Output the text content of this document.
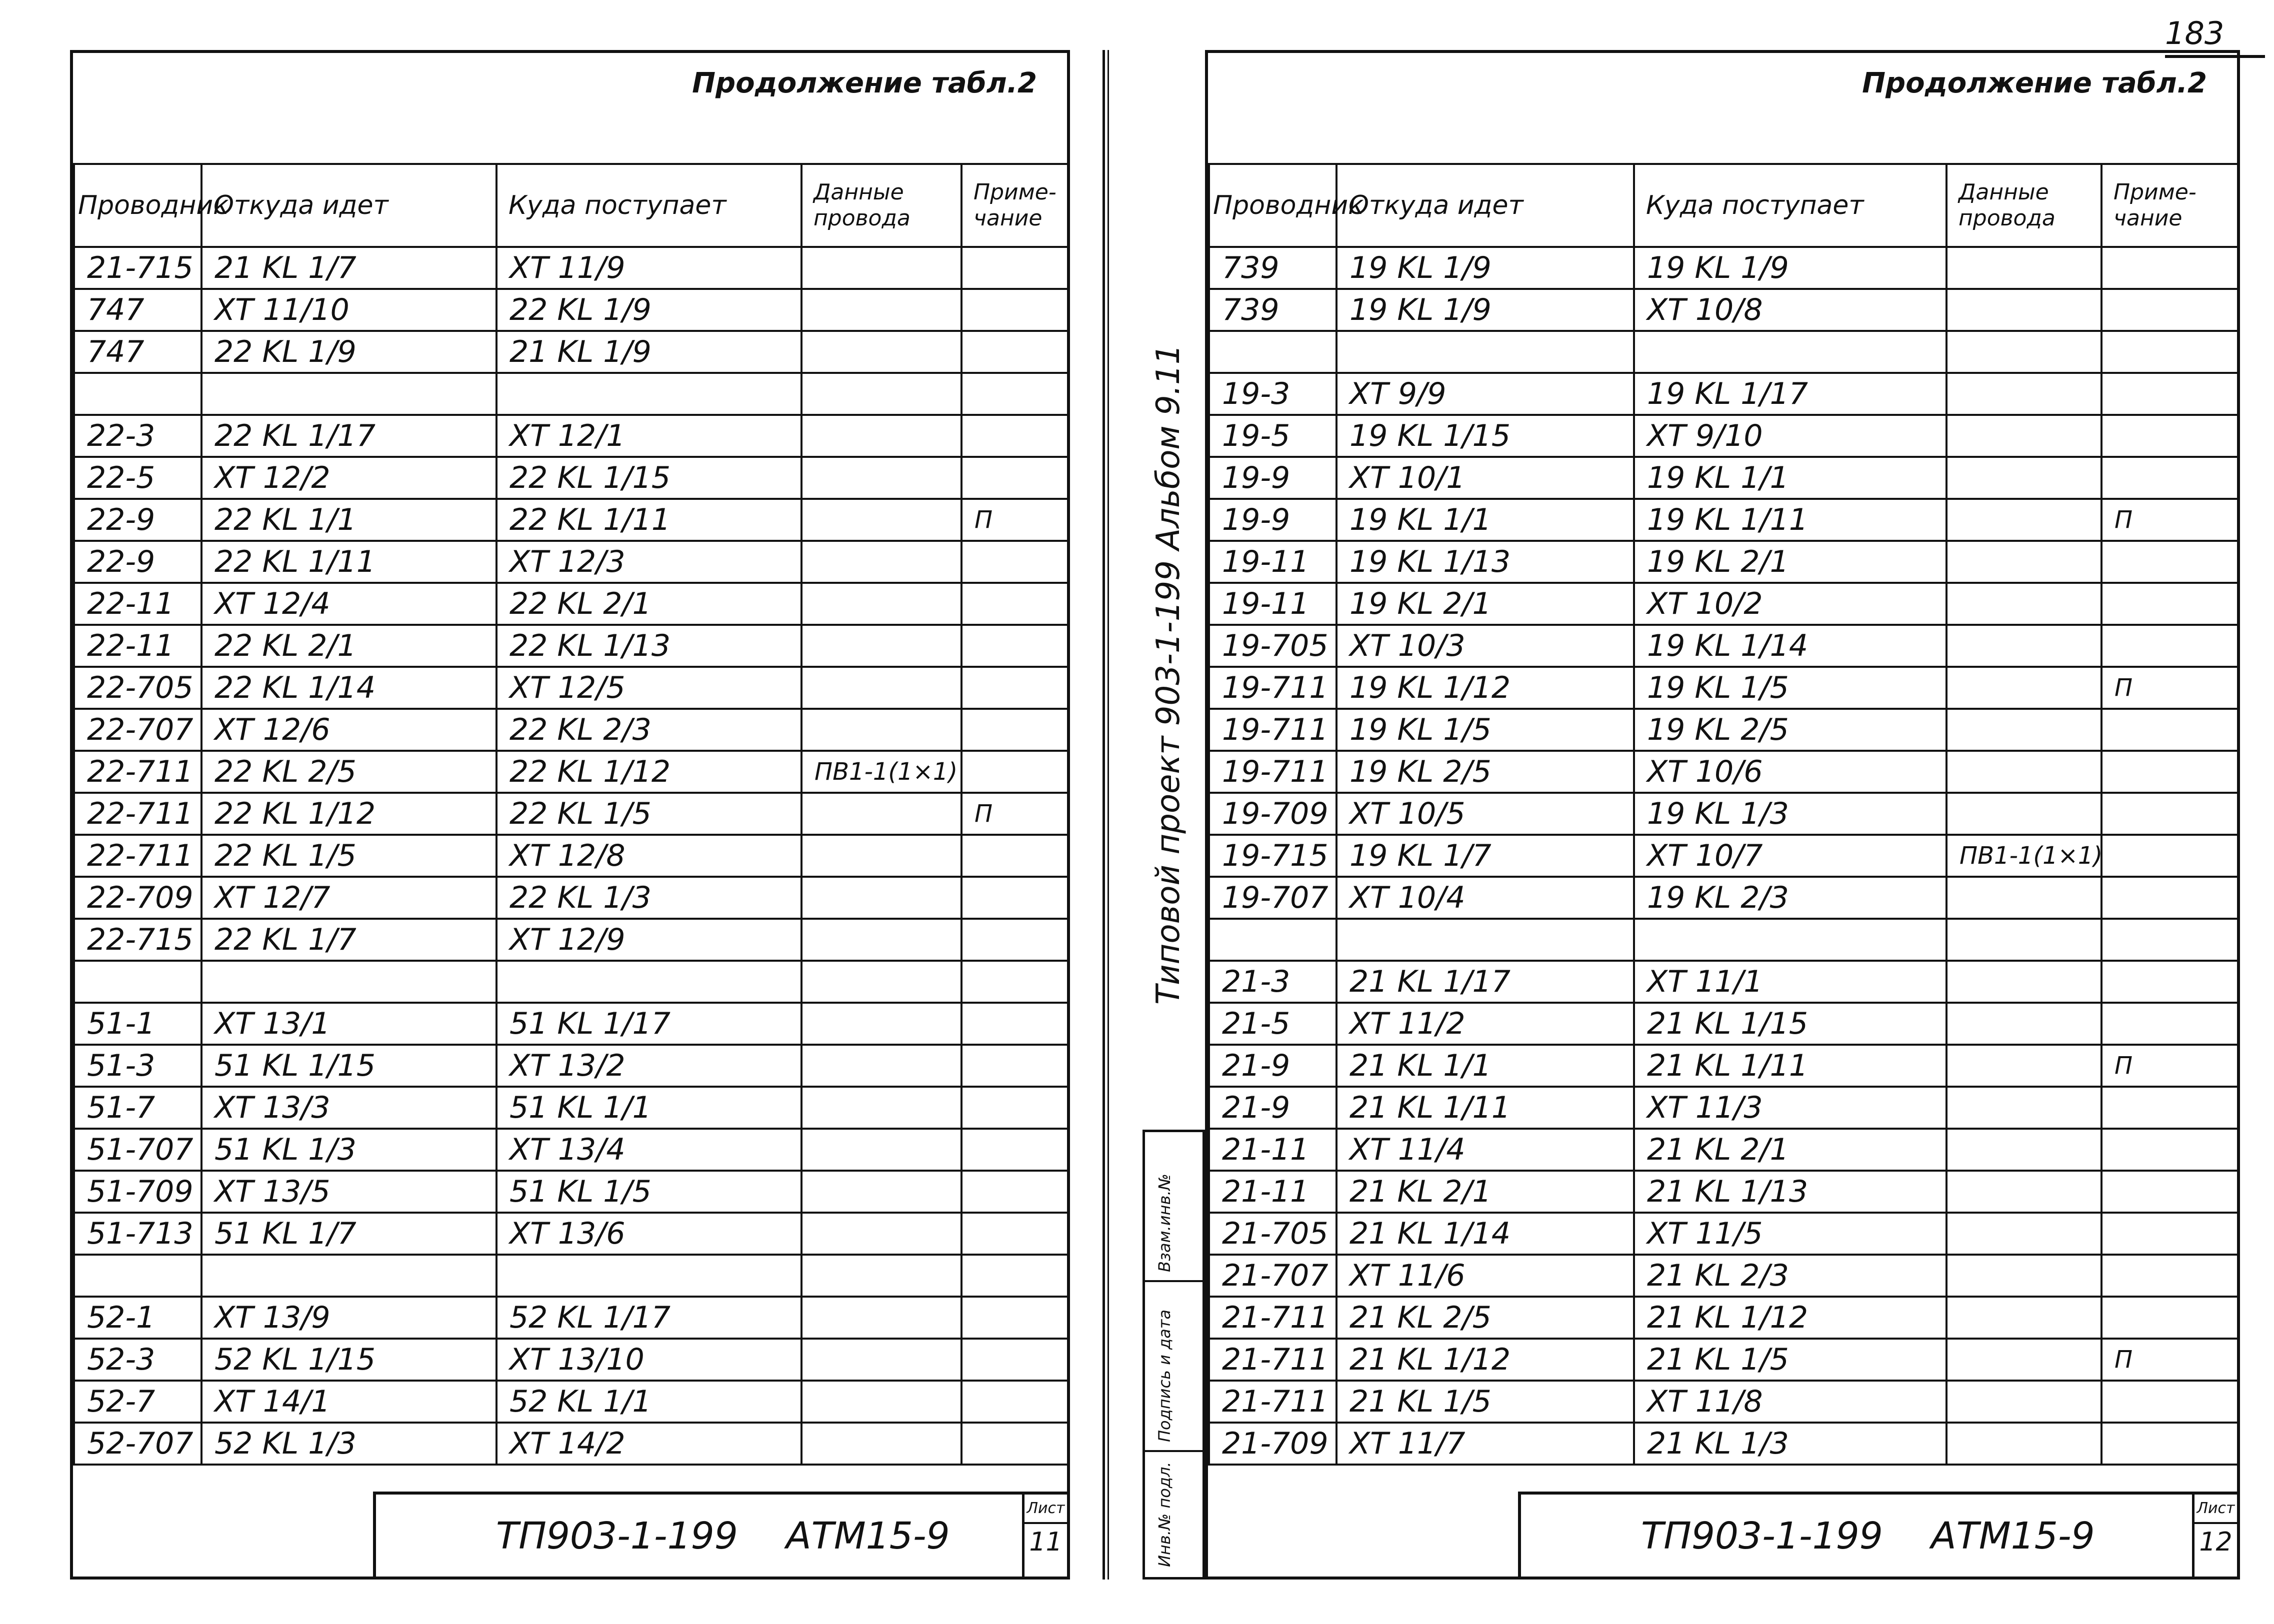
183
Продолжение табл.2
Проводник	Откуда идет	Куда поступает	Данные провода	Приме-чание
21-715	21 KL 1/7	XT 11/9		
747	XT 11/10	22 KL 1/9		
747	22 KL 1/9	21 KL 1/9		

22-3	22 KL 1/17	XT 12/1		
22-5	XT 12/2	22 KL 1/15		
22-9	22 KL 1/1	22 KL 1/11		П
22-9	22 KL 1/11	XT 12/3		
22-11	XT 12/4	22 KL 2/1		
22-11	22 KL 2/1	22 KL 1/13		
22-705	22 KL 1/14	XT 12/5		
22-707	XT 12/6	22 KL 2/3		
22-711	22 KL 2/5	22 KL 1/12	ПВ1-1(1×1)	
22-711	22 KL 1/12	22 KL 1/5		П
22-711	22 KL 1/5	XT 12/8		
22-709	XT 12/7	22 KL 1/3		
22-715	22 KL 1/7	XT 12/9		

51-1	XT 13/1	51 KL 1/17		
51-3	51 KL 1/15	XT 13/2		
51-7	XT 13/3	51 KL 1/1		
51-707	51 KL 1/3	XT 13/4		
51-709	XT 13/5	51 KL 1/5		
51-713	51 KL 1/7	XT 13/6		

52-1	XT 13/9	52 KL 1/17		
52-3	52 KL 1/15	XT 13/10		
52-7	XT 14/1	52 KL 1/1		
52-707	52 KL 1/3	XT 14/2		
ТП903-1-199 АТМ15-9
Лист
11
Типовой проект 903-1-199 Альбом 9.11
Взам.инв.№
Подпись и дата
Инв.№ подл.
Продолжение табл.2
Проводник	Откуда идет	Куда поступает	Данные провода	Приме-чание
739	19 KL 1/9	19 KL 1/9		
739	19 KL 1/9	XT 10/8		

19-3	XT 9/9	19 KL 1/17		
19-5	19 KL 1/15	XT 9/10		
19-9	XT 10/1	19 KL 1/1		
19-9	19 KL 1/1	19 KL 1/11		П
19-11	19 KL 1/13	19 KL 2/1		
19-11	19 KL 2/1	XT 10/2		
19-705	XT 10/3	19 KL 1/14		
19-711	19 KL 1/12	19 KL 1/5		П
19-711	19 KL 1/5	19 KL 2/5		
19-711	19 KL 2/5	XT 10/6		
19-709	XT 10/5	19 KL 1/3		
19-715	19 KL 1/7	XT 10/7	ПВ1-1(1×1)	
19-707	XT 10/4	19 KL 2/3		

21-3	21 KL 1/17	XT 11/1		
21-5	XT 11/2	21 KL 1/15		
21-9	21 KL 1/1	21 KL 1/11		П
21-9	21 KL 1/11	XT 11/3		
21-11	XT 11/4	21 KL 2/1		
21-11	21 KL 2/1	21 KL 1/13		
21-705	21 KL 1/14	XT 11/5		
21-707	XT 11/6	21 KL 2/3		
21-711	21 KL 2/5	21 KL 1/12		
21-711	21 KL 1/12	21 KL 1/5		П
21-711	21 KL 1/5	XT 11/8		
21-709	XT 11/7	21 KL 1/3		
ТП903-1-199 АТМ15-9
Лист
12
